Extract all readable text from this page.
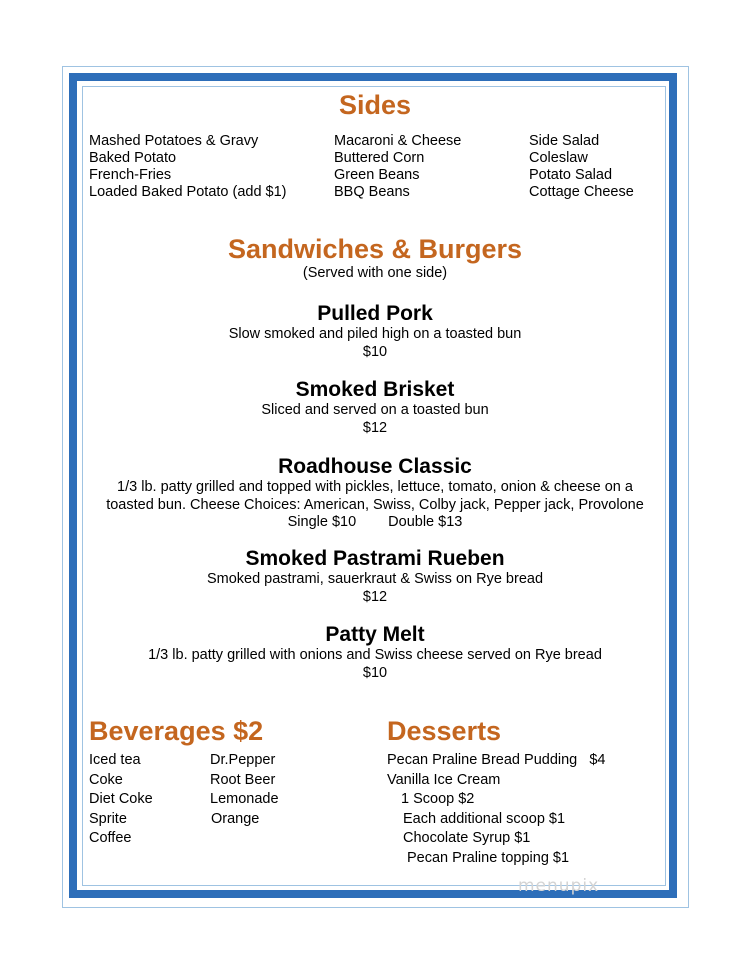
Sides
Mashed Potatoes & Gravy
Baked Potato
French-Fries
Loaded Baked Potato (add $1)
Macaroni & Cheese
Buttered Corn
Green Beans
BBQ Beans
Side Salad
Coleslaw
Potato Salad
Cottage Cheese
Sandwiches & Burgers
(Served with one side)
Pulled Pork
Slow smoked and piled high on a toasted bun
$10
Smoked Brisket
Sliced and served on a toasted bun
$12
Roadhouse Classic
1/3 lb. patty grilled and topped with pickles, lettuce, tomato, onion & cheese on a
toasted bun. Cheese Choices: American, Swiss, Colby jack, Pepper jack, Provolone
Single $10 Double $13
Smoked Pastrami Rueben
Smoked pastrami, sauerkraut & Swiss on Rye bread
$12
Patty Melt
1/3 lb. patty grilled with onions and Swiss cheese served on Rye bread
$10
Beverages $2
Iced tea
Coke
Diet Coke
Sprite
Coffee
Dr.Pepper
Root Beer
Lemonade
Orange
Desserts
Pecan Praline Bread Pudding   $4
Vanilla Ice Cream
1 Scoop $2
Each additional scoop $1
Chocolate Syrup $1
Pecan Praline topping $1
menupix
